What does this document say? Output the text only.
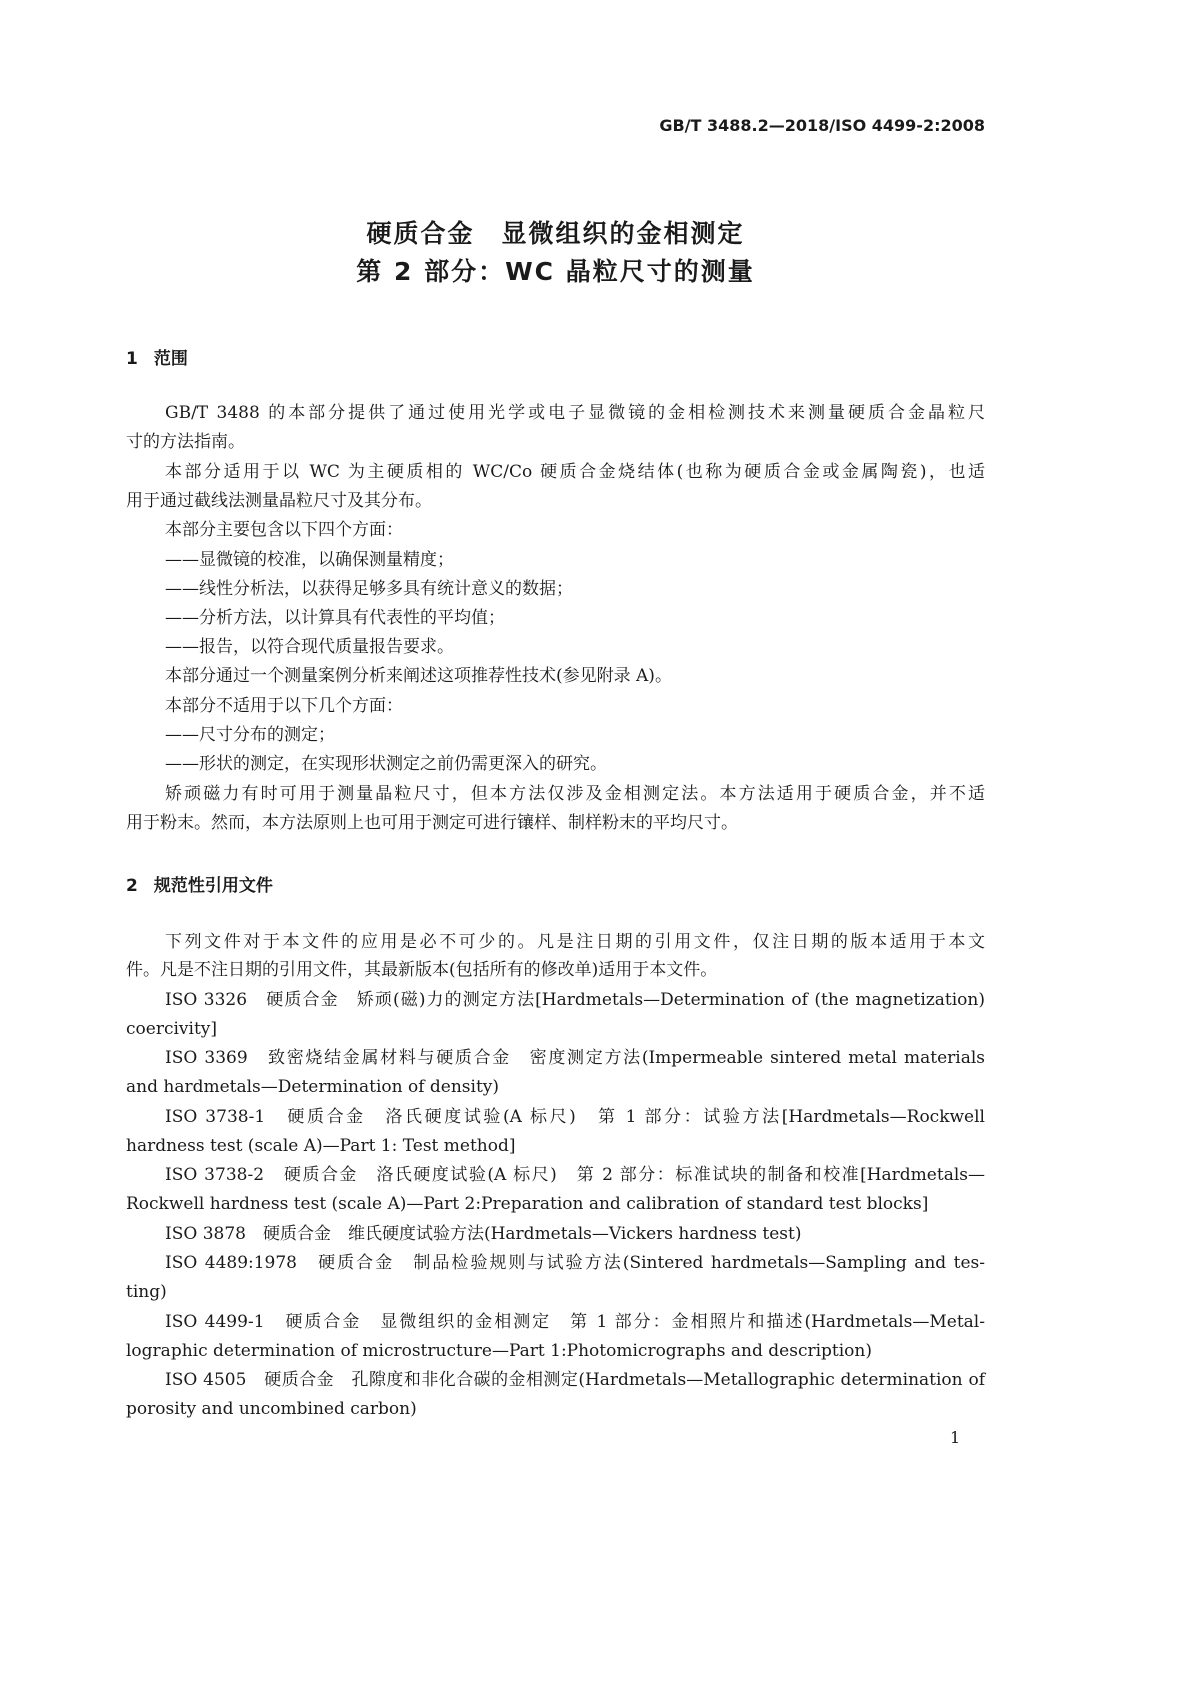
GB/T 3488.2—2018/ISO 4499-2:2008
硬质合金　显微组织的金相测定
第 2 部分：WC 晶粒尺寸的测量
1 范围
GB/T 3488 的本部分提供了通过使用光学或电子显微镜的金相检测技术来测量硬质合金晶粒尺
寸的方法指南。
本部分适用于以 WC 为主硬质相的 WC/Co 硬质合金烧结体(也称为硬质合金或金属陶瓷)，也适
用于通过截线法测量晶粒尺寸及其分布。
本部分主要包含以下四个方面：
——显微镜的校准，以确保测量精度；
——线性分析法，以获得足够多具有统计意义的数据；
——分析方法，以计算具有代表性的平均值；
——报告，以符合现代质量报告要求。
本部分通过一个测量案例分析来阐述这项推荐性技术(参见附录 A)。
本部分不适用于以下几个方面：
——尺寸分布的测定；
——形状的测定，在实现形状测定之前仍需更深入的研究。
矫顽磁力有时可用于测量晶粒尺寸，但本方法仅涉及金相测定法。本方法适用于硬质合金，并不适
用于粉末。然而，本方法原则上也可用于测定可进行镶样、制样粉末的平均尺寸。
2 规范性引用文件
下列文件对于本文件的应用是必不可少的。凡是注日期的引用文件，仅注日期的版本适用于本文
件。凡是不注日期的引用文件，其最新版本(包括所有的修改单)适用于本文件。
ISO 3326　硬质合金　矫顽(磁)力的测定方法[Hardmetals—Determination of (the magnetization)
coercivity]
ISO 3369　致密烧结金属材料与硬质合金　密度测定方法(Impermeable sintered metal materials
and hardmetals—Determination of density)
ISO 3738-1　硬质合金　洛氏硬度试验(A 标尺)　第 1 部分：试验方法[Hardmetals—Rockwell
hardness test (scale A)—Part 1: Test method]
ISO 3738-2　硬质合金　洛氏硬度试验(A 标尺)　第 2 部分：标准试块的制备和校准[Hardmetals—
Rockwell hardness test (scale A)—Part 2:Preparation and calibration of standard test blocks]
ISO 3878　硬质合金　维氏硬度试验方法(Hardmetals—Vickers hardness test)
ISO 4489:1978　硬质合金　制品检验规则与试验方法(Sintered hardmetals—Sampling and tes-
ting)
ISO 4499-1　硬质合金　显微组织的金相测定　第 1 部分：金相照片和描述(Hardmetals—Metal-
lographic determination of microstructure—Part 1:Photomicrographs and description)
ISO 4505　硬质合金　孔隙度和非化合碳的金相测定(Hardmetals—Metallographic determination of
porosity and uncombined carbon)
1
